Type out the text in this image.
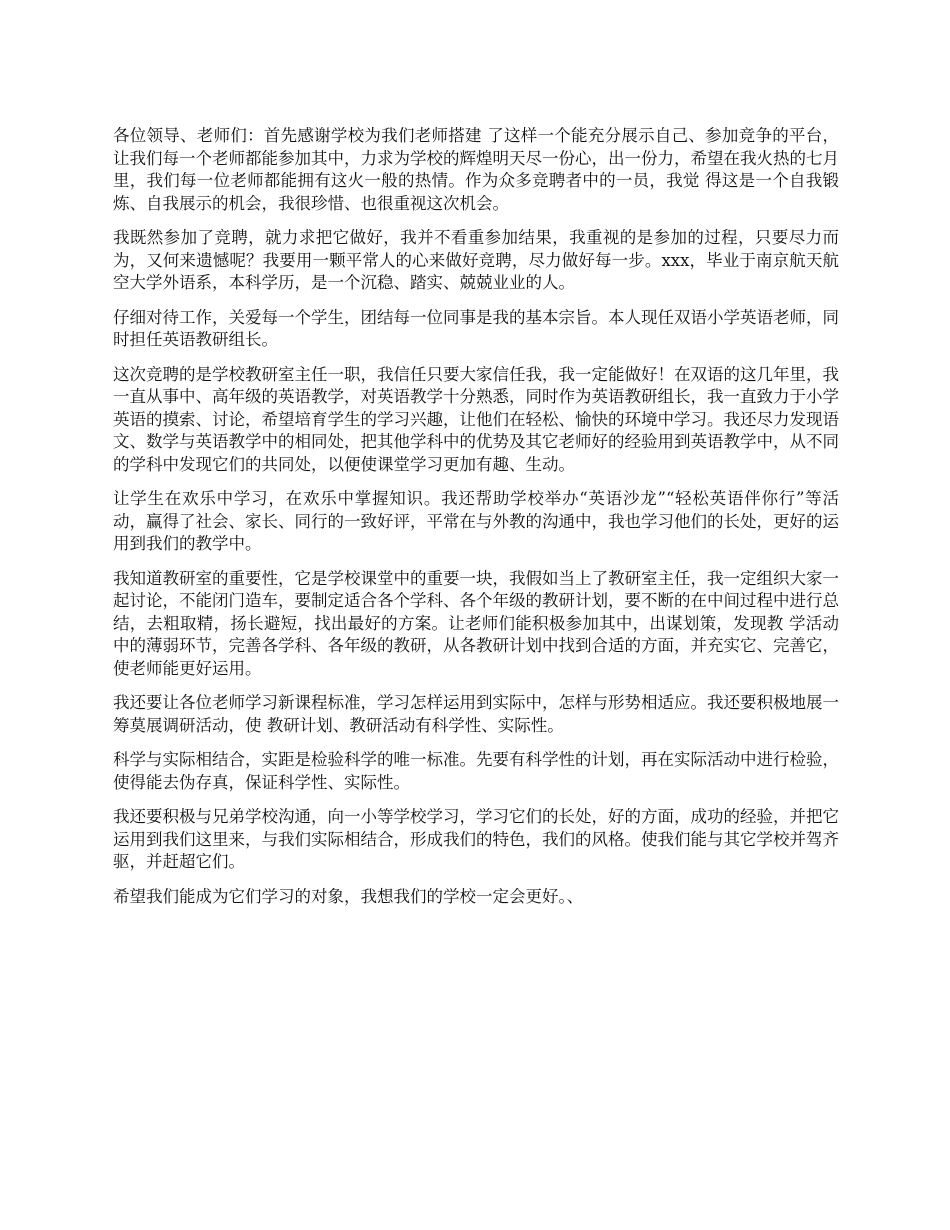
各位领导、老师们：首先感谢学校为我们老师搭建 了这样一个能充分展示自己、参加竞争的平台，让我们每一个老师都能参加其中，力求为学校的辉煌明天尽一份心，出一份力，希望在我火热的七月里，我们每一位老师都能拥有这火一般的热情。作为众多竞聘者中的一员，我觉 得这是一个自我锻炼、自我展示的机会，我很珍惜、也很重视这次机会。

我既然参加了竞聘，就力求把它做好，我并不看重参加结果，我重视的是参加的过程，只要尽力而为，又何来遗憾呢？我要用一颗平常人的心来做好竞聘，尽力做好每一步。xxx，毕业于南京航天航空大学外语系，本科学历，是一个沉稳、踏实、兢兢业业的人。

仔细对待工作，关爱每一个学生，团结每一位同事是我的基本宗旨。本人现任双语小学英语老师，同时担任英语教研组长。

这次竞聘的是学校教研室主任一职，我信任只要大家信任我，我一定能做好！在双语的这几年里，我一直从事中、高年级的英语教学，对英语教学十分熟悉，同时作为英语教研组长，我一直致力于小学英语的摸索、讨论，希望培育学生的学习兴趣，让他们在轻松、愉快的环境中学习。我还尽力发现语文、数学与英语教学中的相同处，把其他学科中的优势及其它老师好的经验用到英语教学中，从不同的学科中发现它们的共同处，以便使课堂学习更加有趣、生动。

让学生在欢乐中学习，在欢乐中掌握知识。我还帮助学校举办“英语沙龙”“轻松英语伴你行”等活动，赢得了社会、家长、同行的一致好评，平常在与外教的沟通中，我也学习他们的长处，更好的运用到我们的教学中。

我知道教研室的重要性，它是学校课堂中的重要一块，我假如当上了教研室主任，我一定组织大家一起讨论，不能闭门造车，要制定适合各个学科、各个年级的教研计划，要不断的在中间过程中进行总结，去粗取精，扬长避短，找出最好的方案。让老师们能积极参加其中，出谋划策，发现教 学活动中的薄弱环节，完善各学科、各年级的教研，从各教研计划中找到合适的方面，并充实它、完善它，使老师能更好运用。

我还要让各位老师学习新课程标准，学习怎样运用到实际中，怎样与形势相适应。我还要积极地展一筹莫展调研活动，使 教研计划、教研活动有科学性、实际性。

科学与实际相结合，实距是检验科学的唯一标准。先要有科学性的计划，再在实际活动中进行检验，使得能去伪存真，保证科学性、实际性。

我还要积极与兄弟学校沟通，向一小等学校学习，学习它们的长处，好的方面，成功的经验，并把它运用到我们这里来，与我们实际相结合，形成我们的特色，我们的风格。使我们能与其它学校并驾齐驱，并赶超它们。

希望我们能成为它们学习的对象，我想我们的学校一定会更好。、
